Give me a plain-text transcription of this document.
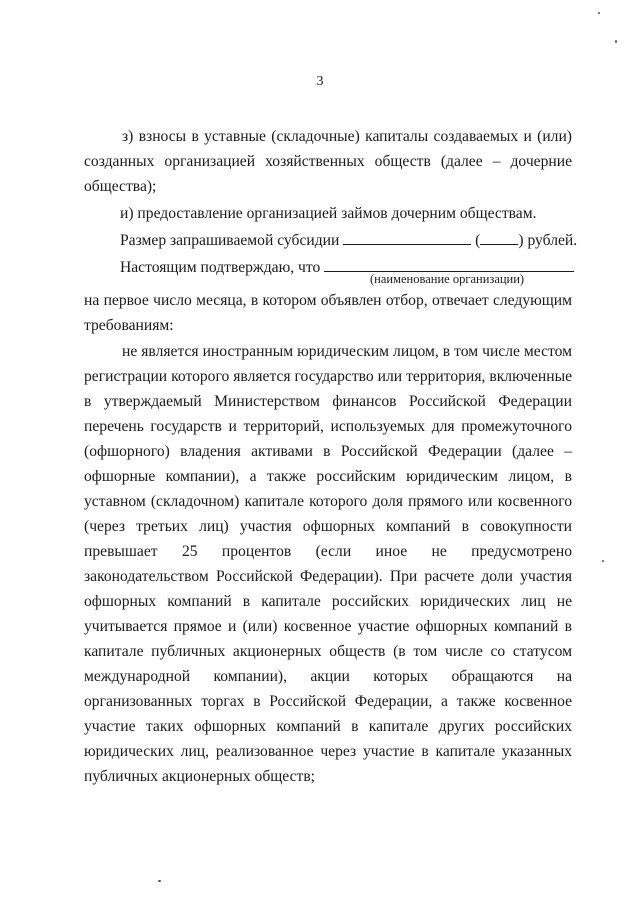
3

з) взносы в уставные (складочные) капиталы создаваемых и (или) созданных организацией хозяйственных обществ (далее – дочерние общества);

и) предоставление организацией займов дочерним обществам.
Размер запрашиваемой субсидии	( ) рублей.
Настоящим подтверждаю, что
(наименование организации)

на первое число месяца, в котором объявлен отбор, отвечает следующим требованиям:

не является иностранным юридическим лицом, в том числе местом регистрации которого является государство или территория, включенные в утверждаемый Министерством финансов Российской Федерации перечень государств и территорий, используемых для промежуточного (офшорного) владения активами в Российской Федерации (далее – офшорные компании), а также российским юридическим лицом, в уставном (складочном) капитале которого доля прямого или косвенного (через третьих лиц) участия офшорных компаний в совокупности превышает 25 процентов (если иное не предусмотрено законодательством Российской Федерации). При расчете доли участия офшорных компаний в капитале российских юридических лиц не учитывается прямое и (или) косвенное участие офшорных компаний в капитале публичных акционерных обществ (в том числе со статусом международной компании), акции которых обращаются на организованных торгах в Российской Федерации, а также косвенное участие таких офшорных компаний в капитале других российских юридических лиц, реализованное через участие в капитале указанных публичных акционерных обществ;
